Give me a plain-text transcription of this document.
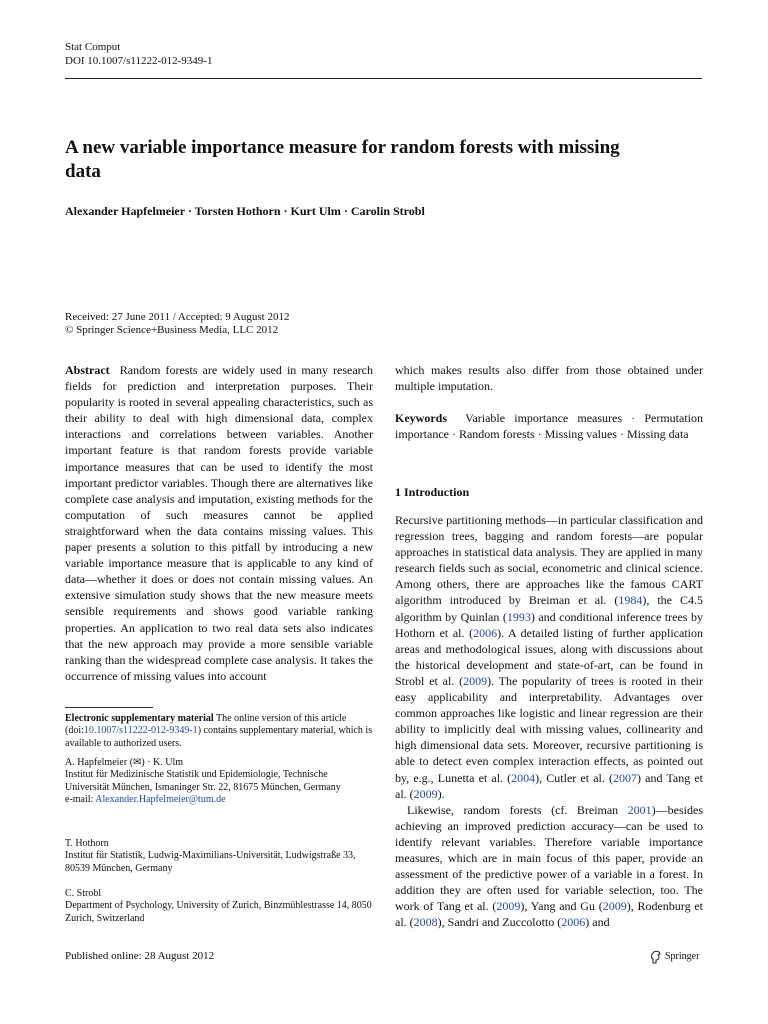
Stat Comput
DOI 10.1007/s11222-012-9349-1
A new variable importance measure for random forests with missing data
Alexander Hapfelmeier · Torsten Hothorn · Kurt Ulm · Carolin Strobl
Received: 27 June 2011 / Accepted: 9 August 2012
© Springer Science+Business Media, LLC 2012
Abstract Random forests are widely used in many research fields for prediction and interpretation purposes. Their popularity is rooted in several appealing characteristics, such as their ability to deal with high dimensional data, complex interactions and correlations between variables. Another important feature is that random forests provide variable importance measures that can be used to identify the most important predictor variables. Though there are alternatives like complete case analysis and imputation, existing methods for the computation of such measures cannot be applied straightforward when the data contains missing values. This paper presents a solution to this pitfall by introducing a new variable importance measure that is applicable to any kind of data—whether it does or does not contain missing values. An extensive simulation study shows that the new measure meets sensible requirements and shows good variable ranking properties. An application to two real data sets also indicates that the new approach may provide a more sensible variable ranking than the widespread complete case analysis. It takes the occurrence of missing values into account
Electronic supplementary material The online version of this article (doi:10.1007/s11222-012-9349-1) contains supplementary material, which is available to authorized users.
A. Hapfelmeier (✉) · K. Ulm
Institut für Medizinische Statistik und Epidemiologie, Technische Universität München, Ismaninger Str. 22, 81675 München, Germany
e-mail: Alexander.Hapfelmeier@tum.de
T. Hothorn
Institut für Statistik, Ludwig-Maximilians-Universität, Ludwigstraße 33, 80539 München, Germany
C. Strobl
Department of Psychology, University of Zurich, Binzmühlestrasse 14, 8050 Zurich, Switzerland
which makes results also differ from those obtained under multiple imputation.
Keywords Variable importance measures · Permutation importance · Random forests · Missing values · Missing data
1 Introduction

Recursive partitioning methods—in particular classification and regression trees, bagging and random forests—are popular approaches in statistical data analysis. They are applied in many research fields such as social, econometric and clinical science. Among others, there are approaches like the famous CART algorithm introduced by Breiman et al. (1984), the C4.5 algorithm by Quinlan (1993) and conditional inference trees by Hothorn et al. (2006). A detailed listing of further application areas and methodological issues, along with discussions about the historical development and state-of-art, can be found in Strobl et al. (2009). The popularity of trees is rooted in their easy applicability and interpretability. Advantages over common approaches like logistic and linear regression are their ability to implicitly deal with missing values, collinearity and high dimensional data sets. Moreover, recursive partitioning is able to detect even complex interaction effects, as pointed out by, e.g., Lunetta et al. (2004), Cutler et al. (2007) and Tang et al. (2009).

Likewise, random forests (cf. Breiman 2001)—besides achieving an improved prediction accuracy—can be used to identify relevant variables. Therefore variable importance measures, which are in main focus of this paper, provide an assessment of the predictive power of a variable in a forest. In addition they are often used for variable selection, too. The work of Tang et al. (2009), Yang and Gu (2009), Rodenburg et al. (2008), Sandri and Zuccolotto (2006) and

Published online: 28 August 2012	Springer
